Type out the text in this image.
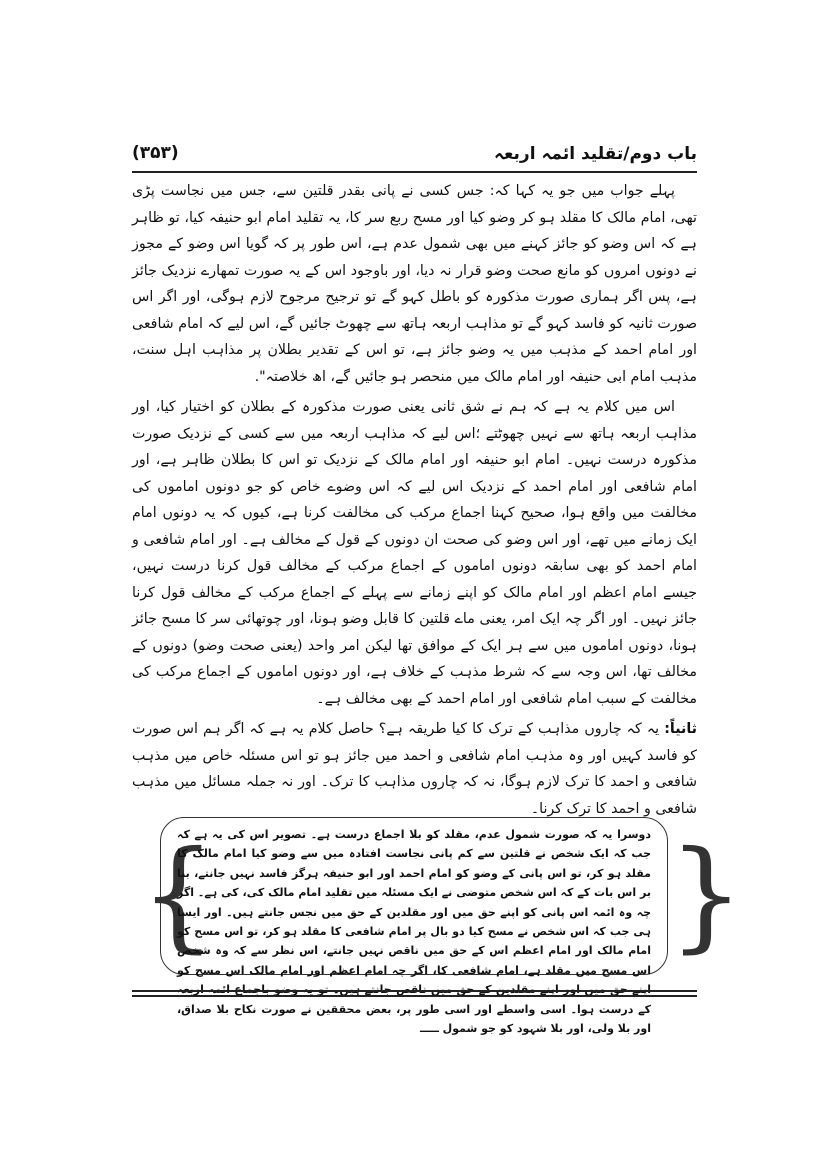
(۳۵۳)	باب دوم/تقلید ائمہ اربعہ

پہلے جواب میں جو یہ کہا کہ: جس کسی نے پانی بقدر قلتین سے، جس میں نجاست پڑی تھی، امام مالک کا مقلد ہو کر وضو کیا اور مسح ربع سر کا، یہ تقلید امام ابو حنیفہ کیا، تو ظاہر ہے کہ اس وضو کو جائز کہنے میں بھی شمول عدم ہے، اس طور پر کہ گویا اس وضو کے مجوز نے دونوں امروں کو مانع صحت وضو قرار نہ دیا، اور باوجود اس کے یہ صورت تمھارے نزدیک جائز ہے، پس اگر ہماری صورت مذکورہ کو باطل کہو گے تو ترجیح مرجوح لازم ہوگی، اور اگر اس صورت ثانیہ کو فاسد کہو گے تو مذاہب اربعہ ہاتھ سے چھوٹ جائیں گے، اس لیے کہ امام شافعی اور امام احمد کے مذہب میں یہ وضو جائز ہے، تو اس کے تقدیر بطلان پر مذاہب اہل سنت، مذہب امام ابی حنیفہ اور امام مالک میں منحصر ہو جائیں گے، اھ خلاصتہ".

اس میں کلام یہ ہے کہ ہم نے شق ثانی یعنی صورت مذکورہ کے بطلان کو اختیار کیا، اور مذاہب اربعہ ہاتھ سے نہیں چھوٹتے ؛اس لیے کہ مذاہب اربعہ میں سے کسی کے نزدیک صورت مذکورہ درست نہیں۔ امام ابو حنیفہ اور امام مالک کے نزدیک تو اس کا بطلان ظاہر ہے، اور امام شافعی اور امام احمد کے نزدیک اس لیے کہ اس وضوے خاص کو جو دونوں اماموں کی مخالفت میں واقع ہوا، صحیح کہنا اجماع مرکب کی مخالفت کرنا ہے، کیوں کہ یہ دونوں امام ایک زمانے میں تھے، اور اس وضو کی صحت ان دونوں کے قول کے مخالف ہے۔ اور امام شافعی و امام احمد کو بھی سابقہ دونوں اماموں کے اجماع مرکب کے مخالف قول کرنا درست نہیں، جیسے امام اعظم اور امام مالک کو اپنے زمانے سے پہلے کے اجماع مرکب کے مخالف قول کرنا جائز نہیں۔ اور اگر چہ ایک امر، یعنی ماے قلتین کا قابل وضو ہونا، اور چوتھائی سر کا مسح جائز ہونا، دونوں اماموں میں سے ہر ایک کے موافق تھا لیکن امر واحد (یعنی صحت وضو) دونوں کے مخالف تھا، اس وجہ سے کہ شرط مذہب کے خلاف ہے، اور دونوں اماموں کے اجماع مرکب کی مخالفت کے سبب امام شافعی اور امام احمد کے بھی مخالف ہے۔

ثانیاً: یہ کہ چاروں مذاہب کے ترک کا کیا طریقہ ہے؟ حاصل کلام یہ ہے کہ اگر ہم اس صورت کو فاسد کہیں اور وہ مذہب امام شافعی و احمد میں جائز ہو تو اس مسئلہ خاص میں مذہب شافعی و احمد کا ترک لازم ہوگا، نہ کہ چاروں مذاہب کا ترک۔ اور نہ جملہ مسائل میں مذہب شافعی و احمد کا ترک کرنا۔

{	}
دوسرا یہ کہ صورت شمول عدم، مقلد کو بلا اجماع درست ہے۔ تصویر اس کی یہ ہے کہ جب کہ ایک شخص نے قلتین سے کم پانی نجاست افتادہ میں سے وضو کیا امام مالک کا مقلد ہو کر، تو اس پانی کے وضو کو امام احمد اور ابو حنیفہ ہرگز فاسد نہیں جانتے، بنا بر اس بات کے کہ اس شخص متوضی نے ایک مسئلہ میں تقلید امام مالک کی، کی ہے۔ اگر چہ وہ ائمہ اس پانی کو اپنے حق میں اور مقلدین کے حق میں نجس جانتے ہیں۔ اور ایسا ہی جب کہ اس شخص نے مسح کیا دو بال پر امام شافعی کا مقلد ہو کر، تو اس مسح کو امام مالک اور امام اعظم اس کے حق میں ناقص نہیں جانتے، اس نظر سے کہ وہ شخص اس مسح میں مقلد ہے، امام شافعی کا، اگر چہ امام اعظم اور امام مالک اس مسح کو اپنے حق میں اور اپنے مقلدین کے حق میں ناقص جانتے ہیں۔ تو یہ وضو باجماع ائمہ اربعہ کے درست ہوا۔ اسی واسطے اور اسی طور پر، بعض محققین نے صورت نکاح بلا صداق، اور بلا ولی، اور بلا شہود کو جو شمول ـــــ
